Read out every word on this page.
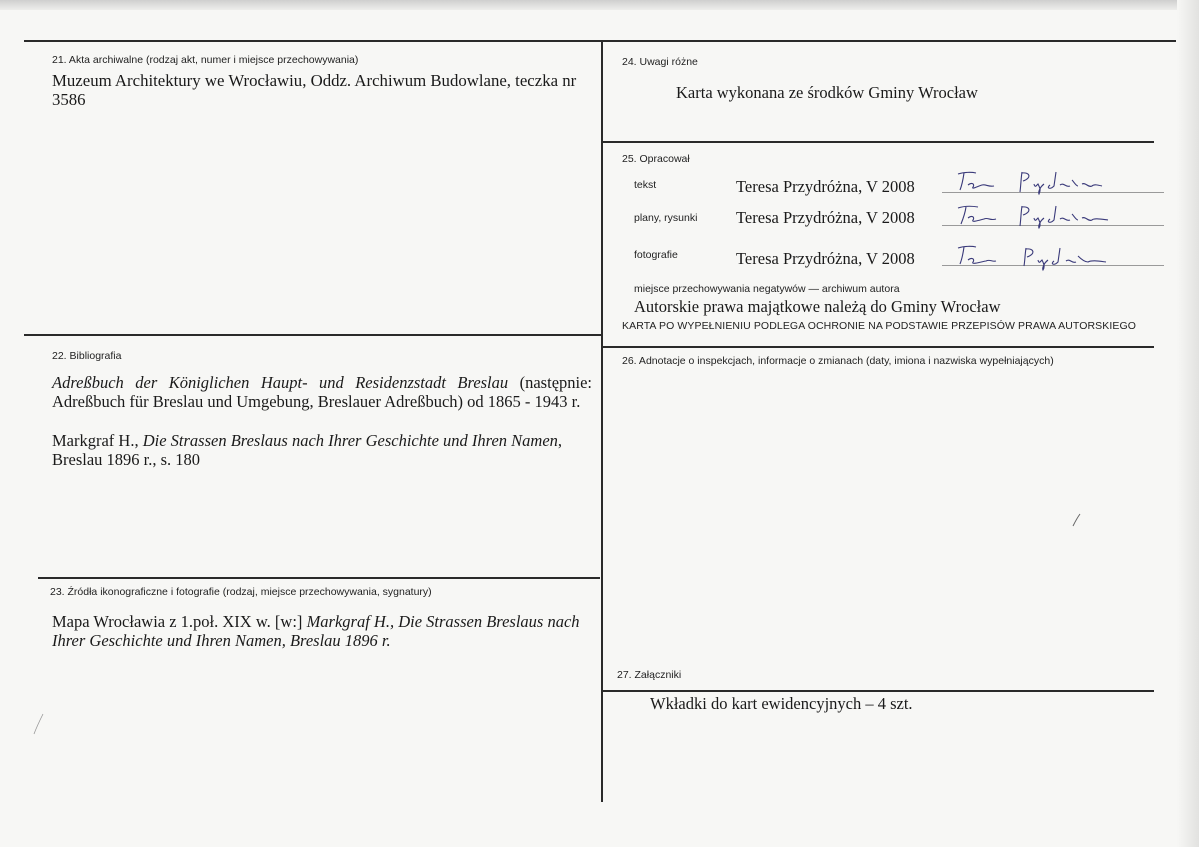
21. Akta archiwalne (rodzaj akt, numer i miejsce przechowywania)
Muzeum Architektury we Wrocławiu, Oddz. Archiwum Budowlane, teczka nr 3586
22. Bibliografia
Adreßbuch der Königlichen Haupt- und Residenzstadt Breslau (następnie: Adreßbuch für Breslau und Umgebung, Breslauer Adreßbuch) od 1865 - 1943 r.
Markgraf H., Die Strassen Breslaus nach Ihrer Geschichte und Ihren Namen, Breslau 1896 r., s. 180
23. Źródła ikonograficzne i fotografie (rodzaj, miejsce przechowywania, sygnatury)
Mapa Wrocławia z 1.poł. XIX w. [w:] Markgraf H., Die Strassen Breslaus nach Ihrer Geschichte und Ihren Namen, Breslau 1896 r.
24. Uwagi różne
Karta wykonana ze środków Gminy Wrocław
25. Opracował
tekst	Teresa Przydróżna, V 2008
plany, rysunki Teresa Przydróżna, V 2008
fotografie	Teresa Przydróżna, V 2008
miejsce przechowywania negatywów — archiwum autora
Autorskie prawa majątkowe należą do Gminy Wrocław
KARTA PO WYPEŁNIENIU PODLEGA OCHRONIE NA PODSTAWIE PRZEPISÓW PRAWA AUTORSKIEGO
26. Adnotacje o inspekcjach, informacje o zmianach (daty, imiona i nazwiska wypełniających)
27. Załączniki
Wkładki do kart ewidencyjnych – 4 szt.
